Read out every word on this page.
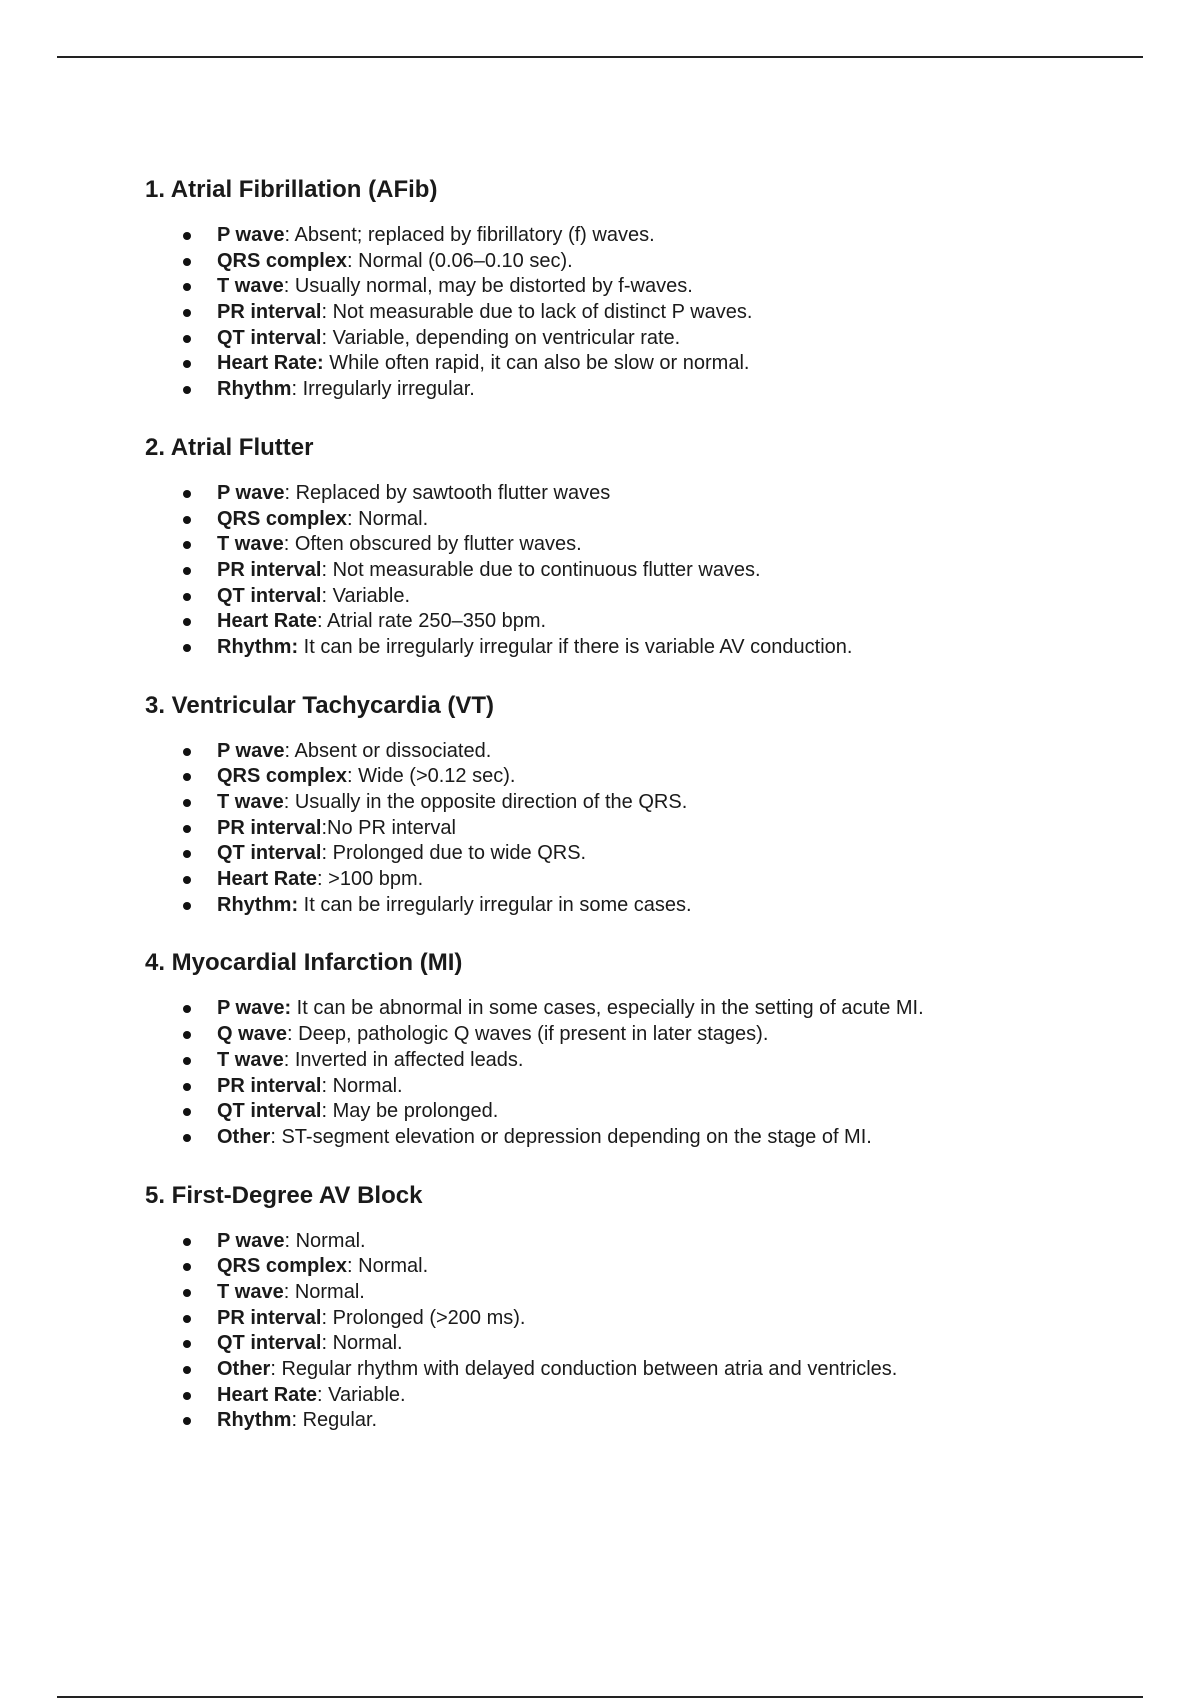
1. Atrial Fibrillation (AFib)
P wave: Absent; replaced by fibrillatory (f) waves.
QRS complex: Normal (0.06–0.10 sec).
T wave: Usually normal, may be distorted by f-waves.
PR interval: Not measurable due to lack of distinct P waves.
QT interval: Variable, depending on ventricular rate.
Heart Rate: While often rapid, it can also be slow or normal.
Rhythm: Irregularly irregular.
2. Atrial Flutter
P wave: Replaced by sawtooth flutter waves
QRS complex: Normal.
T wave: Often obscured by flutter waves.
PR interval: Not measurable due to continuous flutter waves.
QT interval: Variable.
Heart Rate: Atrial rate 250–350 bpm.
Rhythm: It can be irregularly irregular if there is variable AV conduction.
3. Ventricular Tachycardia (VT)
P wave: Absent or dissociated.
QRS complex: Wide (>0.12 sec).
T wave: Usually in the opposite direction of the QRS.
PR interval:No PR interval
QT interval: Prolonged due to wide QRS.
Heart Rate: >100 bpm.
Rhythm: It can be irregularly irregular in some cases.
4. Myocardial Infarction (MI)
P wave: It can be abnormal in some cases, especially in the setting of acute MI.
Q wave: Deep, pathologic Q waves (if present in later stages).
T wave: Inverted in affected leads.
PR interval: Normal.
QT interval: May be prolonged.
Other: ST-segment elevation or depression depending on the stage of MI.
5. First-Degree AV Block
P wave: Normal.
QRS complex: Normal.
T wave: Normal.
PR interval: Prolonged (>200 ms).
QT interval: Normal.
Other: Regular rhythm with delayed conduction between atria and ventricles.
Heart Rate: Variable.
Rhythm: Regular.
